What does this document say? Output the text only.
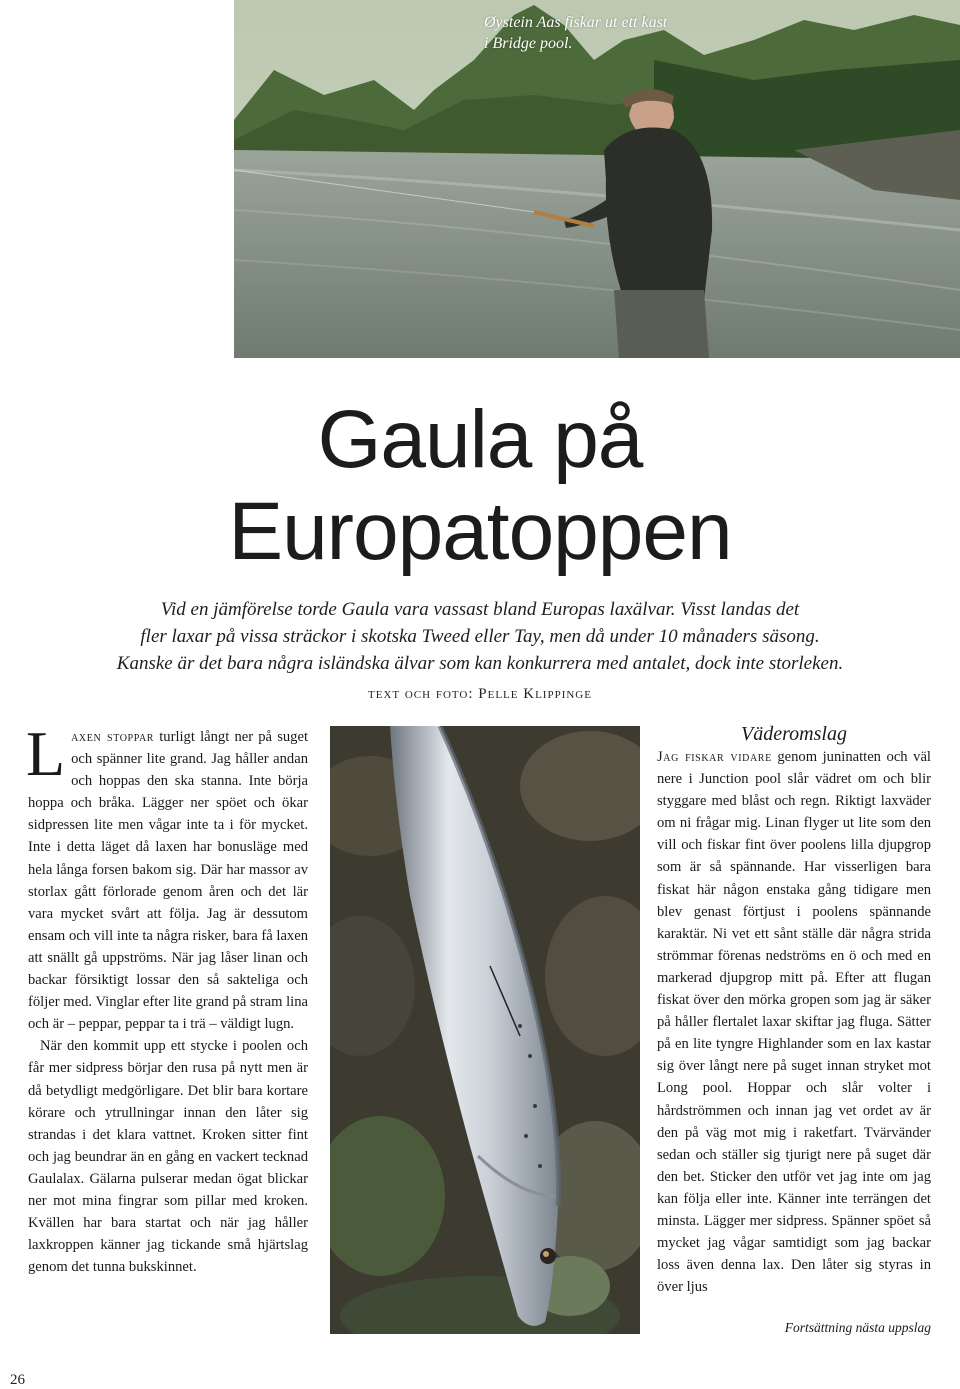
Øystein Aas fiskar ut ett kast
i Bridge pool.
Gaula på
Europatoppen
Vid en jämförelse torde Gaula vara vassast bland Europas laxälvar. Visst landas det
fler laxar på vissa sträckor i skotska Tweed eller Tay, men då under 10 månaders säsong.
Kanske är det bara några isländska älvar som kan konkurrera med antalet, dock inte storleken.
text och foto: Pelle Klippinge

Laxen stoppar turligt långt ner på suget och spänner lite grand. Jag håller andan och hoppas den ska stanna. Inte börja hoppa och bråka. Lägger ner spöet och ökar sidpressen lite men vågar inte ta i för mycket. Inte i detta läget då laxen har bonusläge med hela långa forsen bakom sig. Där har massor av storlax gått förlorade genom åren och det lär vara mycket svårt att följa. Jag är dessutom ensam och vill inte ta några risker, bara få laxen att snällt gå uppströms. När jag låser linan och backar försiktigt lossar den så sakteliga och följer med. Vinglar efter lite grand på stram lina och är – peppar, peppar ta i trä – väldigt lugn.

När den kommit upp ett stycke i poolen och får mer sidpress börjar den rusa på nytt men är då betydligt medgörligare. Det blir bara kortare körare och ytrullningar innan den låter sig strandas i det klara vattnet. Kroken sitter fint och jag beundrar än en gång en vackert tecknad Gaulalax. Gälarna pulserar medan ögat blickar ner mot mina fingrar som pillar med kroken. Kvällen har bara startat och när jag håller laxkroppen känner jag tickande små hjärtslag genom det tunna bukskinnet.

Väderomslag

Jag fiskar vidare genom juninatten och väl nere i Junction pool slår vädret om och blir styggare med blåst och regn. Riktigt laxväder om ni frågar mig. Linan flyger ut lite som den vill och fiskar fint över poolens lilla djupgrop som är så spännande. Har visserligen bara fiskat här någon enstaka gång tidigare men blev genast förtjust i poolens spännande karaktär. Ni vet ett sånt ställe där några strida strömmar förenas nedströms en ö och med en markerad djupgrop mitt på. Efter att flugan fiskat över den mörka gropen som jag är säker på håller flertalet laxar skiftar jag fluga. Sätter på en lite tyngre Highlander som en lax kastar sig över långt nere på suget innan stryket mot Long pool. Hoppar och slår volter i hårdströmmen och innan jag vet ordet av är den på väg mot mig i raketfart. Tvärvänder sedan och ställer sig tjurigt nere på suget där den bet. Sticker den utför vet jag inte om jag kan följa eller inte. Känner inte terrängen det minsta. Lägger mer sidpress. Spänner spöet så mycket jag vågar samtidigt som jag backar loss även denna lax. Den låter sig styras in över ljus

Fortsättning nästa uppslag
26
